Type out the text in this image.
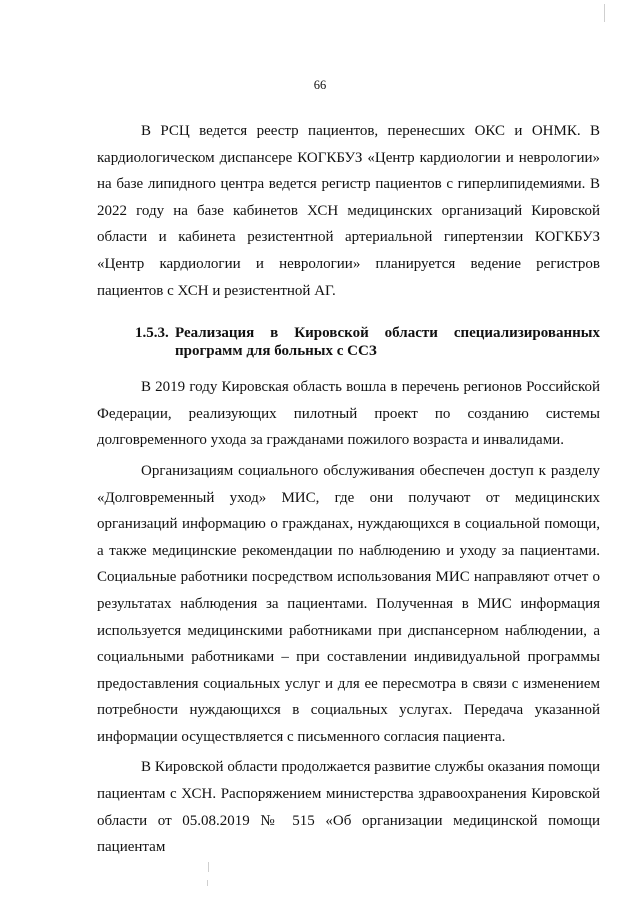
66

В РСЦ ведется реестр пациентов, перенесших ОКС и ОНМК. В кардиологическом диспансере КОГКБУЗ «Центр кардиологии и неврологии» на базе липидного центра ведется регистр пациентов с гиперлипидемиями. В 2022 году на базе кабинетов ХСН медицинских организаций Кировской области и кабинета резистентной артериальной гипертензии КОГКБУЗ «Центр кардиологии и неврологии» планируется ведение регистров пациентов с ХСН и резистентной АГ.

1.5.3. Реализация в Кировской области специализированных программ для больных с ССЗ

В 2019 году Кировская область вошла в перечень регионов Российской Федерации, реализующих пилотный проект по созданию системы долговременного ухода за гражданами пожилого возраста и инвалидами.

Организациям социального обслуживания обеспечен доступ к разделу «Долговременный уход» МИС, где они получают от медицинских организаций информацию о гражданах, нуждающихся в социальной помощи, а также медицинские рекомендации по наблюдению и уходу за пациентами. Социальные работники посредством использования МИС направляют отчет о результатах наблюдения за пациентами. Полученная в МИС информация используется медицинскими работниками при диспансерном наблюдении, а социальными работниками – при составлении индивидуальной программы предоставления социальных услуг и для ее пересмотра в связи с изменением потребности нуждающихся в социальных услугах. Передача указанной информации осуществляется с письменного согласия пациента.

В Кировской области продолжается развитие службы оказания помощи пациентам с ХСН. Распоряжением министерства здравоохранения Кировской области от 05.08.2019 № 515 «Об организации медицинской помощи пациентам
